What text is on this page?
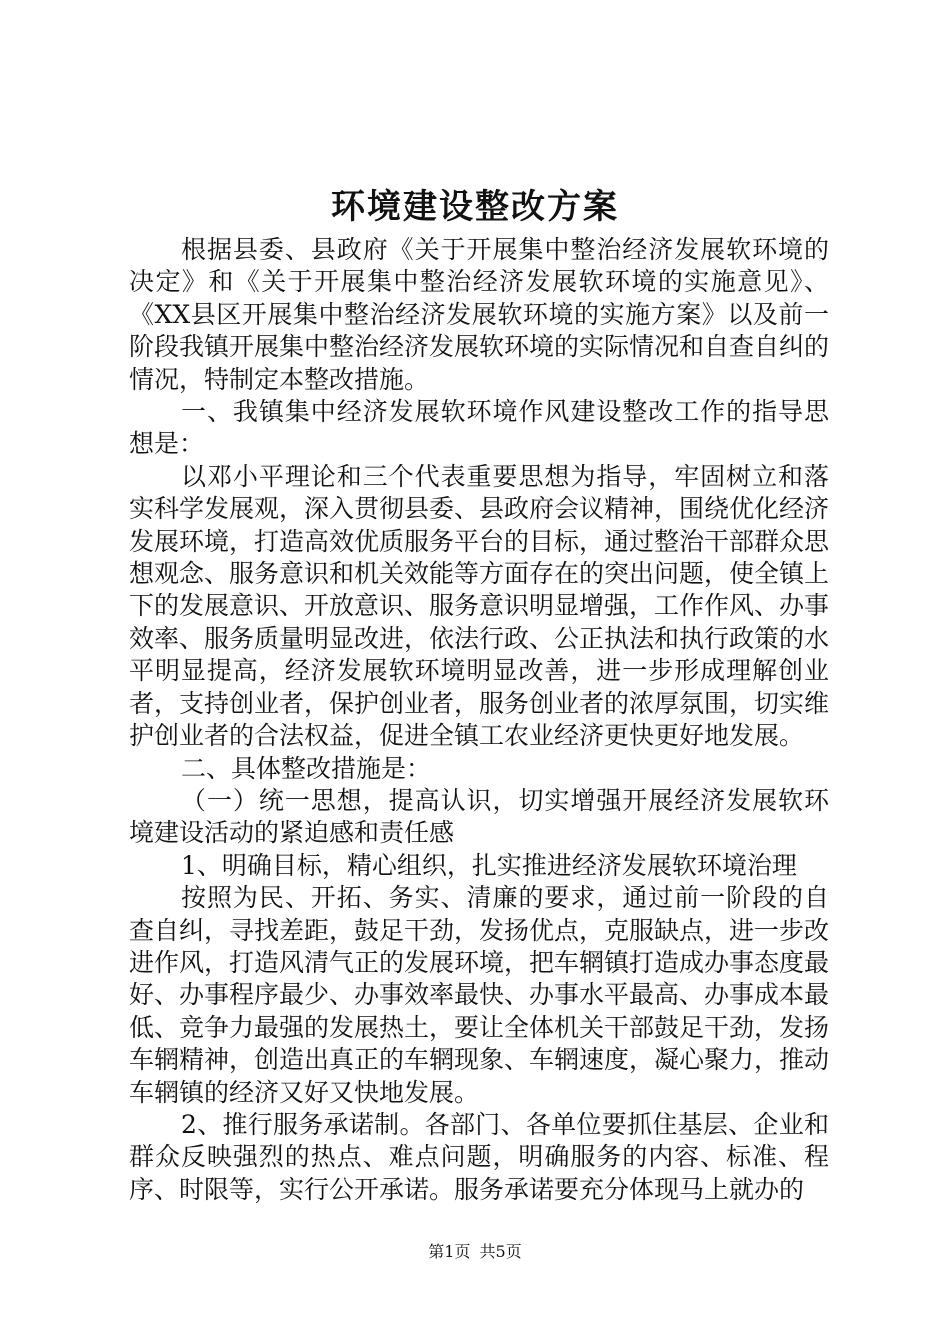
环境建设整改方案

根据县委、县政府《关于开展集中整治经济发展软环境的决定》和《关于开展集中整治经济发展软环境的实施意见》、《XX县区开展集中整治经济发展软环境的实施方案》以及前一阶段我镇开展集中整治经济发展软环境的实际情况和自查自纠的情况，特制定本整改措施。

一、我镇集中经济发展软环境作风建设整改工作的指导思想是：

以邓小平理论和三个代表重要思想为指导，牢固树立和落实科学发展观，深入贯彻县委、县政府会议精神，围绕优化经济发展环境，打造高效优质服务平台的目标，通过整治干部群众思想观念、服务意识和机关效能等方面存在的突出问题，使全镇上下的发展意识、开放意识、服务意识明显增强，工作作风、办事效率、服务质量明显改进，依法行政、公正执法和执行政策的水平明显提高，经济发展软环境明显改善，进一步形成理解创业者，支持创业者，保护创业者，服务创业者的浓厚氛围，切实维护创业者的合法权益，促进全镇工农业经济更快更好地发展。

二、具体整改措施是：

（一）统一思想，提高认识，切实增强开展经济发展软环境建设活动的紧迫感和责任感

1、明确目标，精心组织，扎实推进经济发展软环境治理

按照为民、开拓、务实、清廉的要求，通过前一阶段的自查自纠，寻找差距，鼓足干劲，发扬优点，克服缺点，进一步改进作风，打造风清气正的发展环境，把车辋镇打造成办事态度最好、办事程序最少、办事效率最快、办事水平最高、办事成本最低、竞争力最强的发展热土，要让全体机关干部鼓足干劲，发扬车辋精神，创造出真正的车辋现象、车辋速度，凝心聚力，推动车辋镇的经济又好又快地发展。

2、推行服务承诺制。各部门、各单位要抓住基层、企业和群众反映强烈的热点、难点问题，明确服务的内容、标准、程序、时限等，实行公开承诺。服务承诺要充分体现马上就办的

第1页 共5页
